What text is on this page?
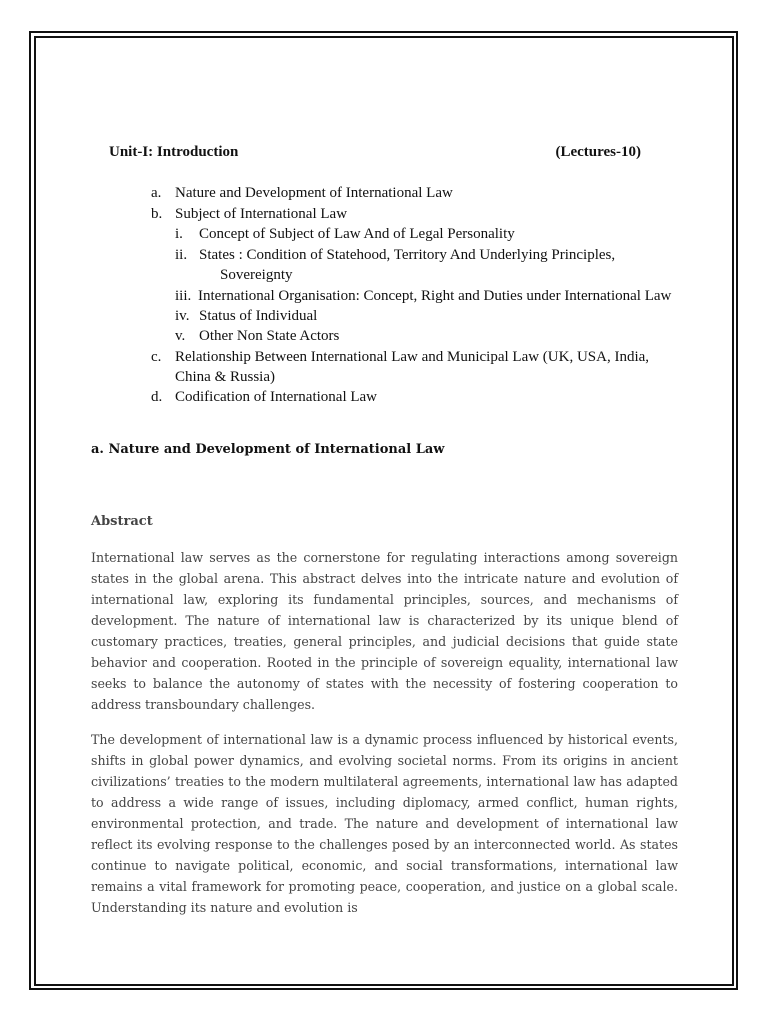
Unit-I: Introduction	(Lectures-10)
a. Nature and Development of International Law
b. Subject of International Law
i. Concept of Subject of Law And of Legal Personality
ii. States : Condition of Statehood, Territory And Underlying Principles,
Sovereignty
iii. International Organisation: Concept, Right and Duties under International Law
iv. Status of Individual
v. Other Non State Actors
c. Relationship Between International Law and Municipal Law (UK, USA, India,
China & Russia)
d. Codification of International Law
a. Nature and Development of International Law
Abstract

International law serves as the cornerstone for regulating interactions among sovereign states in the global arena. This abstract delves into the intricate nature and evolution of international law, exploring its fundamental principles, sources, and mechanisms of development. The nature of international law is characterized by its unique blend of customary practices, treaties, general principles, and judicial decisions that guide state behavior and cooperation. Rooted in the principle of sovereign equality, international law seeks to balance the autonomy of states with the necessity of fostering cooperation to address transboundary challenges.

The development of international law is a dynamic process influenced by historical events, shifts in global power dynamics, and evolving societal norms. From its origins in ancient civilizations’ treaties to the modern multilateral agreements, international law has adapted to address a wide range of issues, including diplomacy, armed conflict, human rights, environmental protection, and trade. The nature and development of international law reflect its evolving response to the challenges posed by an interconnected world. As states continue to navigate political, economic, and social transformations, international law remains a vital framework for promoting peace, cooperation, and justice on a global scale. Understanding its nature and evolution is
